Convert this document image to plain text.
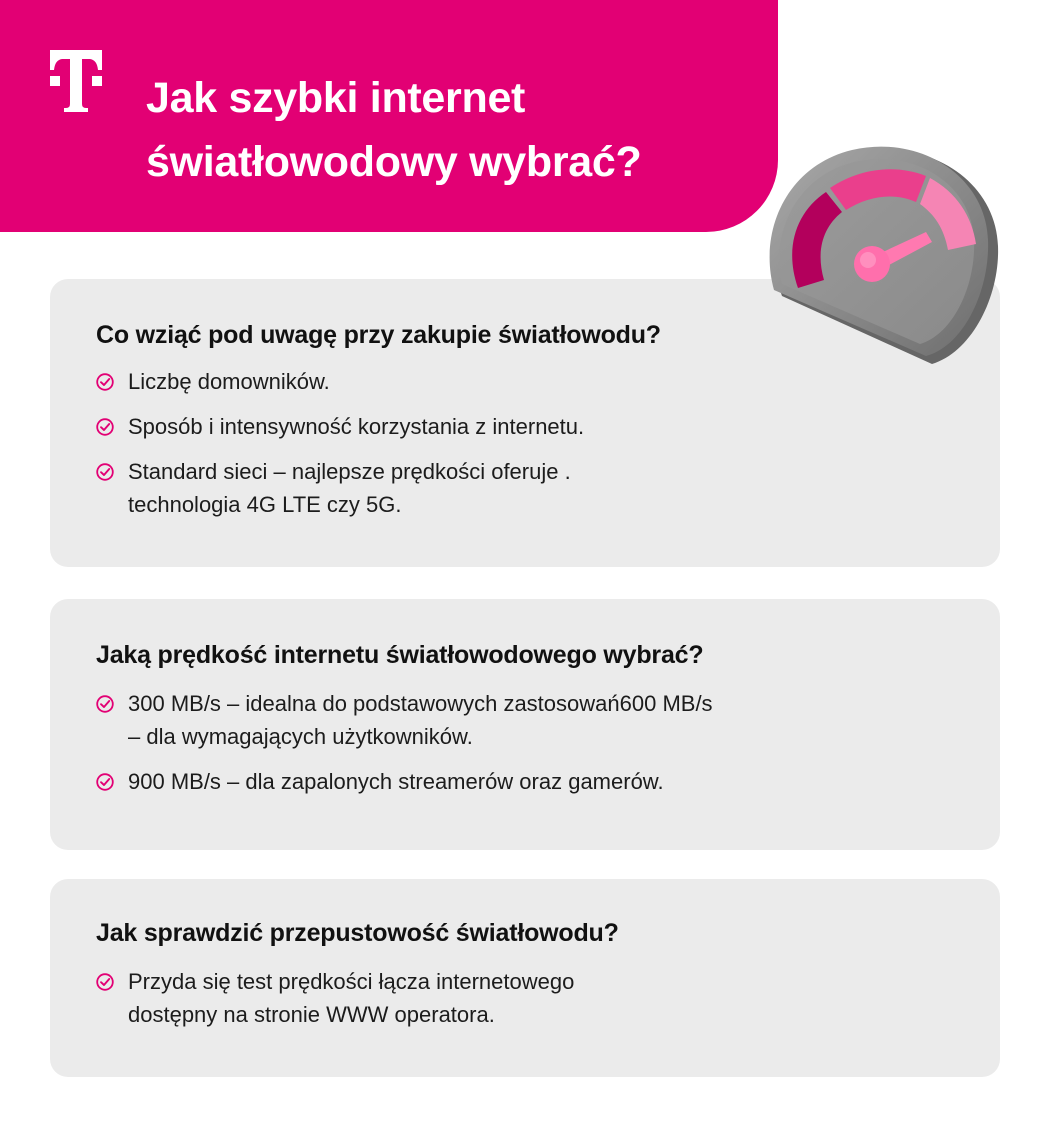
Jak szybki internet
światłowodowy wybrać?
Co wziąć pod uwagę przy zakupie światłowodu?
Liczbę domowników.
Sposób i intensywność korzystania z internetu.
Standard sieci – najlepsze prędkości oferuje .
technologia 4G LTE czy 5G.
Jaką prędkość internetu światłowodowego wybrać?
300 MB/s – idealna do podstawowych zastosowań600 MB/s
– dla wymagających użytkowników.
900 MB/s – dla zapalonych streamerów oraz gamerów.
Jak sprawdzić przepustowość światłowodu?
Przyda się test prędkości łącza internetowego
dostępny na stronie WWW operatora.
